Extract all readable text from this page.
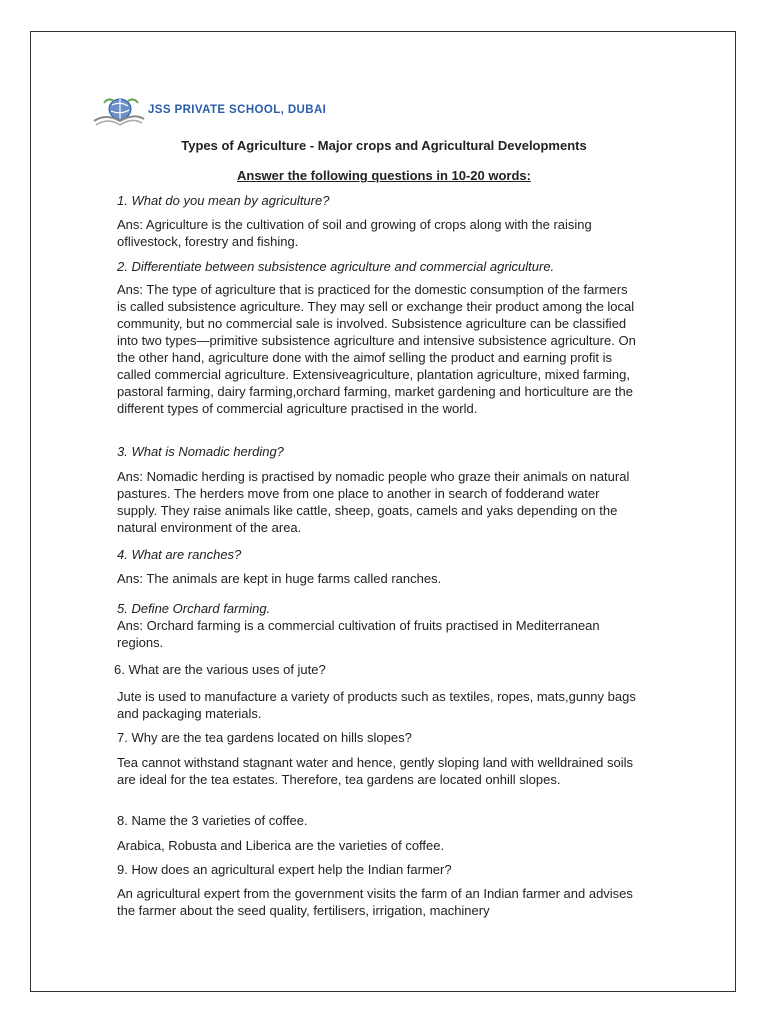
JSS PRIVATE SCHOOL, DUBAI
Types of Agriculture - Major crops and Agricultural Developments
Answer the following questions in 10-20 words:

1. What do you mean by agriculture?

Ans: Agriculture is the cultivation of soil and growing of crops along with the raising oflivestock, forestry and fishing.

2. Differentiate between subsistence agriculture and commercial agriculture.

Ans: The type of agriculture that is practiced for the domestic consumption of the farmers is called subsistence agriculture. They may sell or exchange their product among the local community, but no commercial sale is involved. Subsistence agriculture can be classified into two types—primitive subsistence agriculture and intensive subsistence agriculture. On the other hand, agriculture done with the aimof selling the product and earning profit is called commercial agriculture. Extensiveagriculture, plantation agriculture, mixed farming, pastoral farming, dairy farming,orchard farming, market gardening and horticulture are the different types of commercial agriculture practised in the world.

3. What is Nomadic herding?

Ans: Nomadic herding is practised by nomadic people who graze their animals on natural pastures. The herders move from one place to another in search of fodderand water supply. They raise animals like cattle, sheep, goats, camels and yaks depending on the natural environment of the area.

4. What are ranches?

Ans: The animals are kept in huge farms called ranches.

5. Define Orchard farming.

Ans: Orchard farming is a commercial cultivation of fruits practised in Mediterranean regions.

6. What are the various uses of jute?

Jute is used to manufacture a variety of products such as textiles, ropes, mats,gunny bags and packaging materials.

7. Why are the tea gardens located on hills slopes?

Tea cannot withstand stagnant water and hence, gently sloping land with welldrained soils are ideal for the tea estates. Therefore, tea gardens are located onhill slopes.

8. Name the 3 varieties of coffee.

Arabica, Robusta and Liberica are the varieties of coffee.

9. How does an agricultural expert help the Indian farmer?

An agricultural expert from the government visits the farm of an Indian farmer and advises the farmer about the seed quality, fertilisers, irrigation, machinery
